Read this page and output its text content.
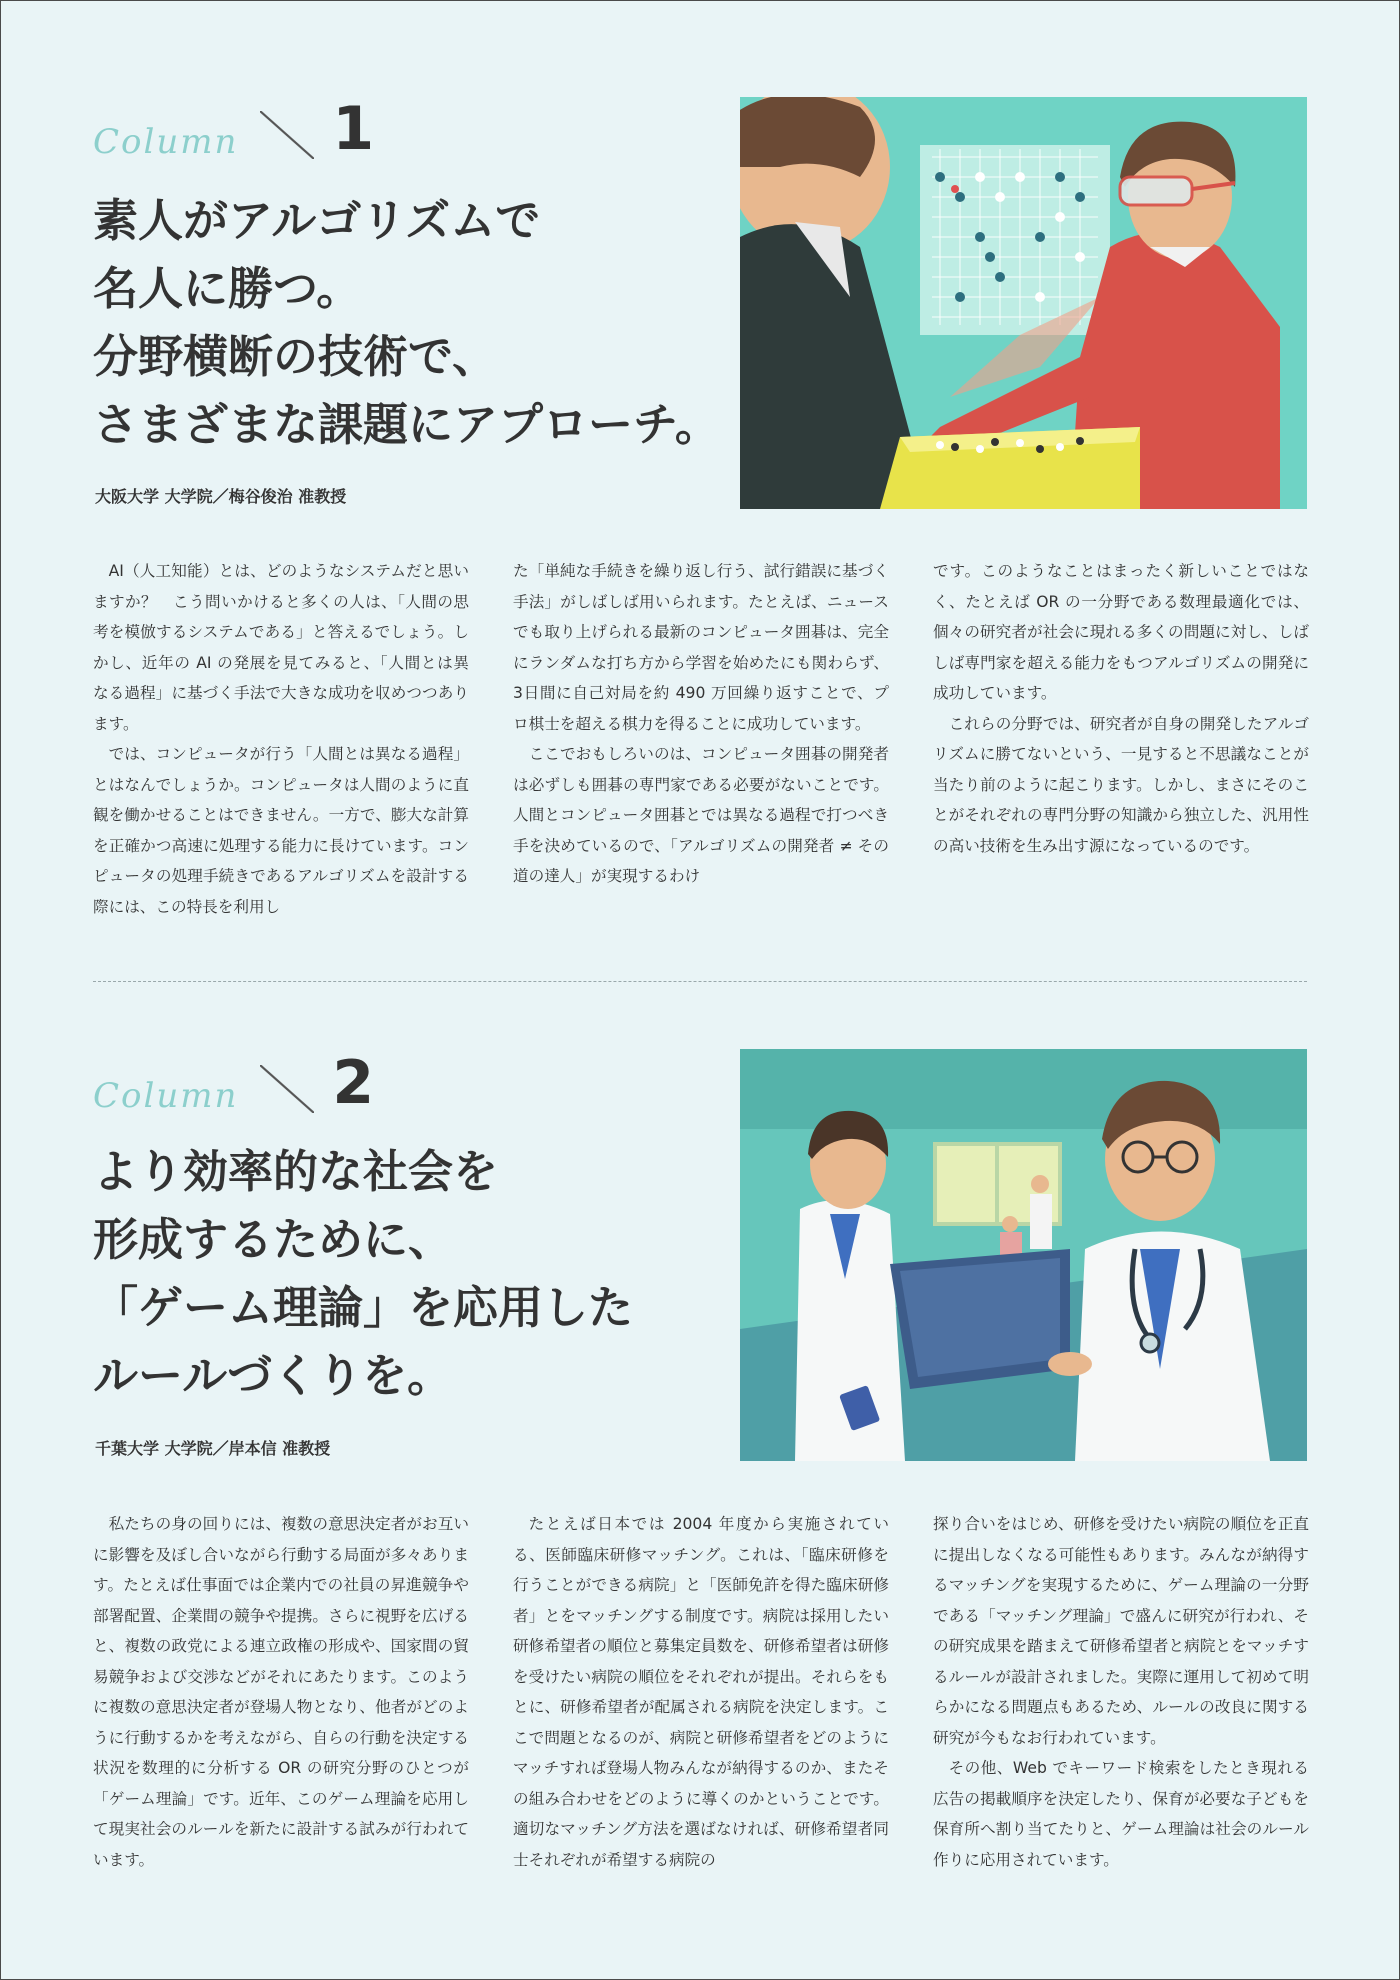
Column 1
素人がアルゴリズムで
名人に勝つ。
分野横断の技術で、
さまざまな課題にアプローチ。
大阪大学 大学院／梅谷俊治 准教授

AI（人工知能）とは、どのようなシステムだと思いますか？　こう問いかけると多くの人は、「人間の思考を模倣するシステムである」と答えるでしょう。しかし、近年の AI の発展を見てみると、「人間とは異なる過程」に基づく手法で大きな成功を収めつつあります。

では、コンピュータが行う「人間とは異なる過程」とはなんでしょうか。コンピュータは人間のように直観を働かせることはできません。一方で、膨大な計算を正確かつ高速に処理する能力に長けています。コンピュータの処理手続きであるアルゴリズムを設計する際には、この特長を利用し

た「単純な手続きを繰り返し行う、試行錯誤に基づく手法」がしばしば用いられます。たとえば、ニュースでも取り上げられる最新のコンピュータ囲碁は、完全にランダムな打ち方から学習を始めたにも関わらず、3日間に自己対局を約 490 万回繰り返すことで、プロ棋士を超える棋力を得ることに成功しています。

ここでおもしろいのは、コンピュータ囲碁の開発者は必ずしも囲碁の専門家である必要がないことです。人間とコンピュータ囲碁とでは異なる過程で打つべき手を決めているので、「アルゴリズムの開発者 ≠ その道の達人」が実現するわけ

です。このようなことはまったく新しいことではなく、たとえば OR の一分野である数理最適化では、個々の研究者が社会に現れる多くの問題に対し、しばしば専門家を超える能力をもつアルゴリズムの開発に成功しています。

これらの分野では、研究者が自身の開発したアルゴリズムに勝てないという、一見すると不思議なことが当たり前のように起こります。しかし、まさにそのことがそれぞれの専門分野の知識から独立した、汎用性の高い技術を生み出す源になっているのです。

Column 2
より効率的な社会を
形成するために、
「ゲーム理論」を応用した
ルールづくりを。
千葉大学 大学院／岸本信 准教授

私たちの身の回りには、複数の意思決定者がお互いに影響を及ぼし合いながら行動する局面が多々あります。たとえば仕事面では企業内での社員の昇進競争や部署配置、企業間の競争や提携。さらに視野を広げると、複数の政党による連立政権の形成や、国家間の貿易競争および交渉などがそれにあたります。このように複数の意思決定者が登場人物となり、他者がどのように行動するかを考えながら、自らの行動を決定する状況を数理的に分析する OR の研究分野のひとつが「ゲーム理論」です。近年、このゲーム理論を応用して現実社会のルールを新たに設計する試みが行われています。

たとえば日本では 2004 年度から実施されている、医師臨床研修マッチング。これは、「臨床研修を行うことができる病院」と「医師免許を得た臨床研修者」とをマッチングする制度です。病院は採用したい研修希望者の順位と募集定員数を、研修希望者は研修を受けたい病院の順位をそれぞれが提出。それらをもとに、研修希望者が配属される病院を決定します。ここで問題となるのが、病院と研修希望者をどのようにマッチすれば登場人物みんなが納得するのか、またその組み合わせをどのように導くのかということです。適切なマッチング方法を選ばなければ、研修希望者同士それぞれが希望する病院の

探り合いをはじめ、研修を受けたい病院の順位を正直に提出しなくなる可能性もあります。みんなが納得するマッチングを実現するために、ゲーム理論の一分野である「マッチング理論」で盛んに研究が行われ、その研究成果を踏まえて研修希望者と病院とをマッチするルールが設計されました。実際に運用して初めて明らかになる問題点もあるため、ルールの改良に関する研究が今もなお行われています。

その他、Web でキーワード検索をしたとき現れる広告の掲載順序を決定したり、保育が必要な子どもを保育所へ割り当てたりと、ゲーム理論は社会のルール作りに応用されています。
